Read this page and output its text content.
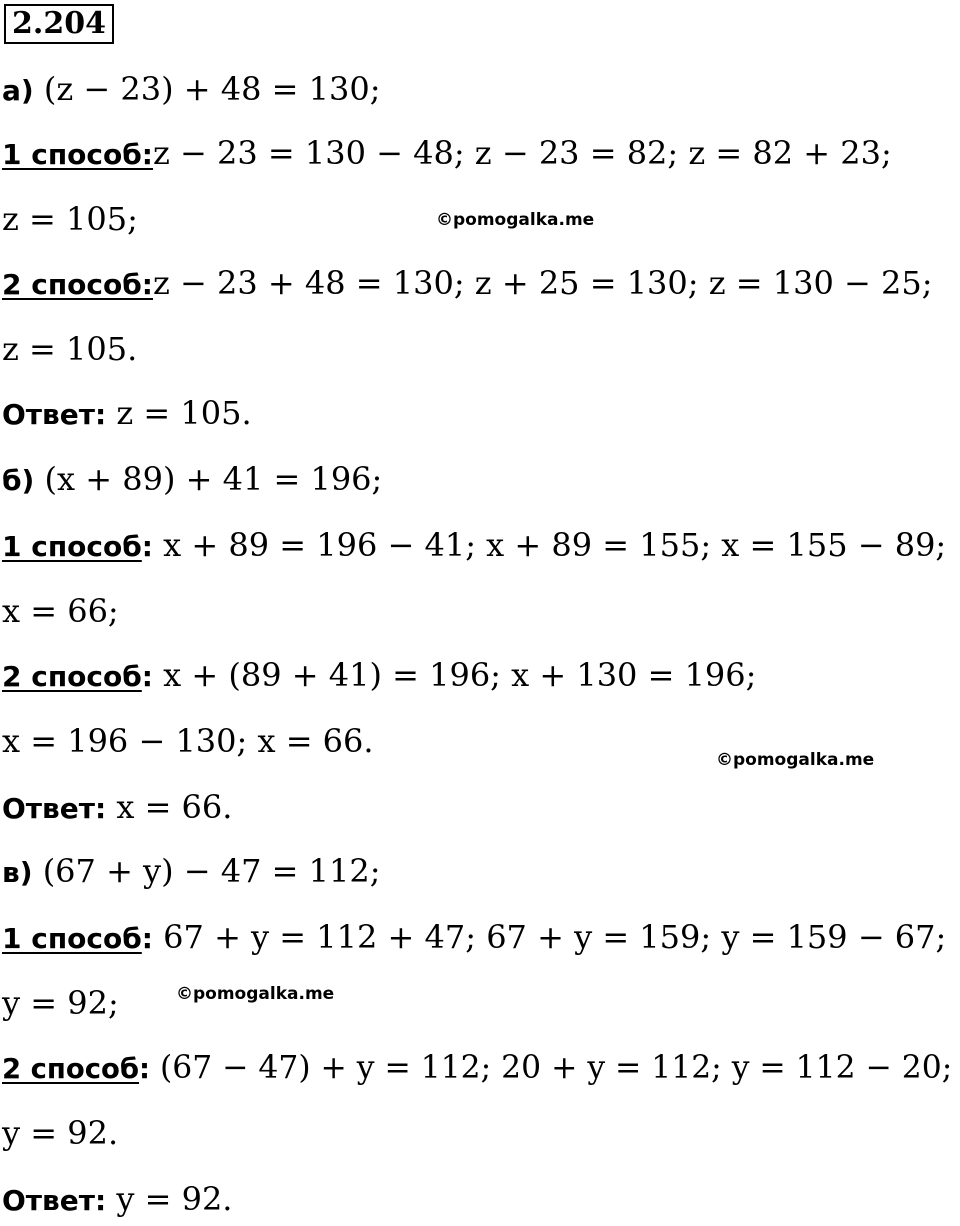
2.204
©pomogalka.me
©pomogalka.me
©pomogalka.me
а) (z − 23) + 48 = 130;
1 способ:z − 23 = 130 − 48; z − 23 = 82; z = 82 + 23;
z = 105;
2 способ:z − 23 + 48 = 130; z + 25 = 130; z = 130 − 25;
z = 105.
Ответ: z = 105.
б) (x + 89) + 41 = 196;
1 способ: x + 89 = 196 − 41; x + 89 = 155; x = 155 − 89;
x = 66;
2 способ: x + (89 + 41) = 196; x + 130 = 196;
x = 196 − 130; x = 66.
Ответ: x = 66.
в) (67 + y) − 47 = 112;
1 способ: 67 + y = 112 + 47; 67 + y = 159; y = 159 − 67;
y = 92;
2 способ: (67 − 47) + y = 112; 20 + y = 112; y = 112 − 20;
y = 92.
Ответ: y = 92.
